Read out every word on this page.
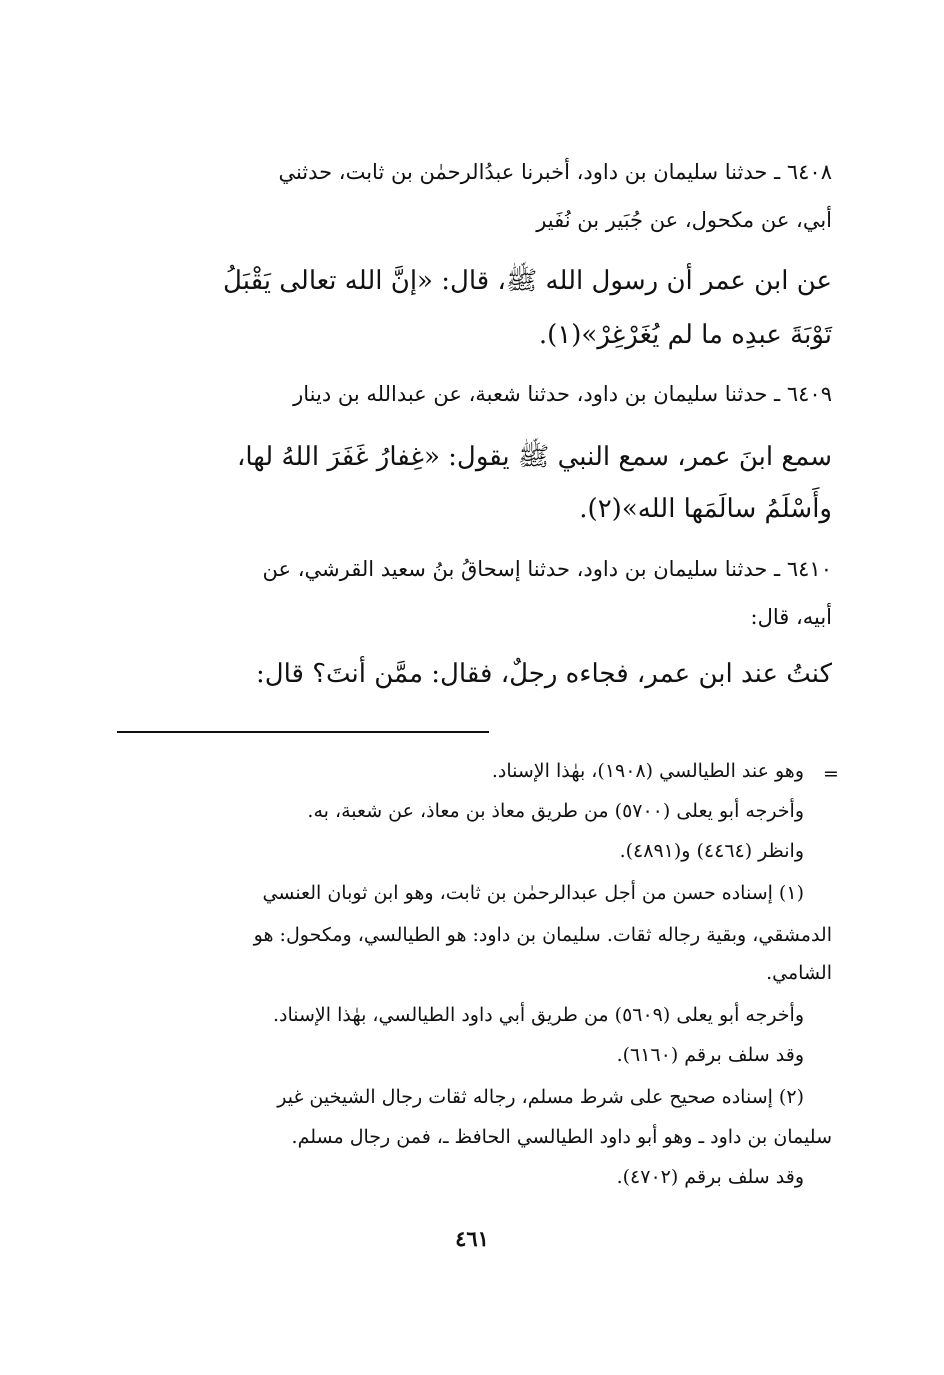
٦٤٠٨ ـ حدثنا سليمان بن داود، أخبرنا عبدُالرحمٰن بن ثابت، حدثني
أبي، عن مكحول، عن جُبَير بن نُفَير
عن ابن عمر أن رسول الله ﷺ، قال: «إنَّ الله تعالى يَقْبَلُ
تَوْبَةَ عبدِه ما لم يُغَرْغِرْ»(١).
٦٤٠٩ ـ حدثنا سليمان بن داود، حدثنا شعبة، عن عبدالله بن دينار
سمع ابنَ عمر، سمع النبي ﷺ يقول: «غِفارُ غَفَرَ اللهُ لها،
وأَسْلَمُ سالَمَها الله»(٢).
٦٤١٠ ـ حدثنا سليمان بن داود، حدثنا إسحاقُ بنُ سعيد القرشي، عن
أبيه، قال:
كنتُ عند ابن عمر، فجاءه رجلٌ، فقال: ممَّن أنتَ؟ قال:
=
وهو عند الطيالسي (١٩٠٨)، بهٰذا الإسناد.
وأخرجه أبو يعلى (٥٧٠٠) من طريق معاذ بن معاذ، عن شعبة، به.
وانظر (٤٤٦٤) و(٤٨٩١).
(١) إسناده حسن من أجل عبدالرحمٰن بن ثابت، وهو ابن ثوبان العنسي
الدمشقي، وبقية رجاله ثقات. سليمان بن داود: هو الطيالسي، ومكحول: هو
الشامي.
وأخرجه أبو يعلى (٥٦٠٩) من طريق أبي داود الطيالسي، بهٰذا الإسناد.
وقد سلف برقم (٦١٦٠).
(٢) إسناده صحيح على شرط مسلم، رجاله ثقات رجال الشيخين غير
سليمان بن داود ـ وهو أبو داود الطيالسي الحافظ ـ، فمن رجال مسلم.
وقد سلف برقم (٤٧٠٢).
٤٦١
